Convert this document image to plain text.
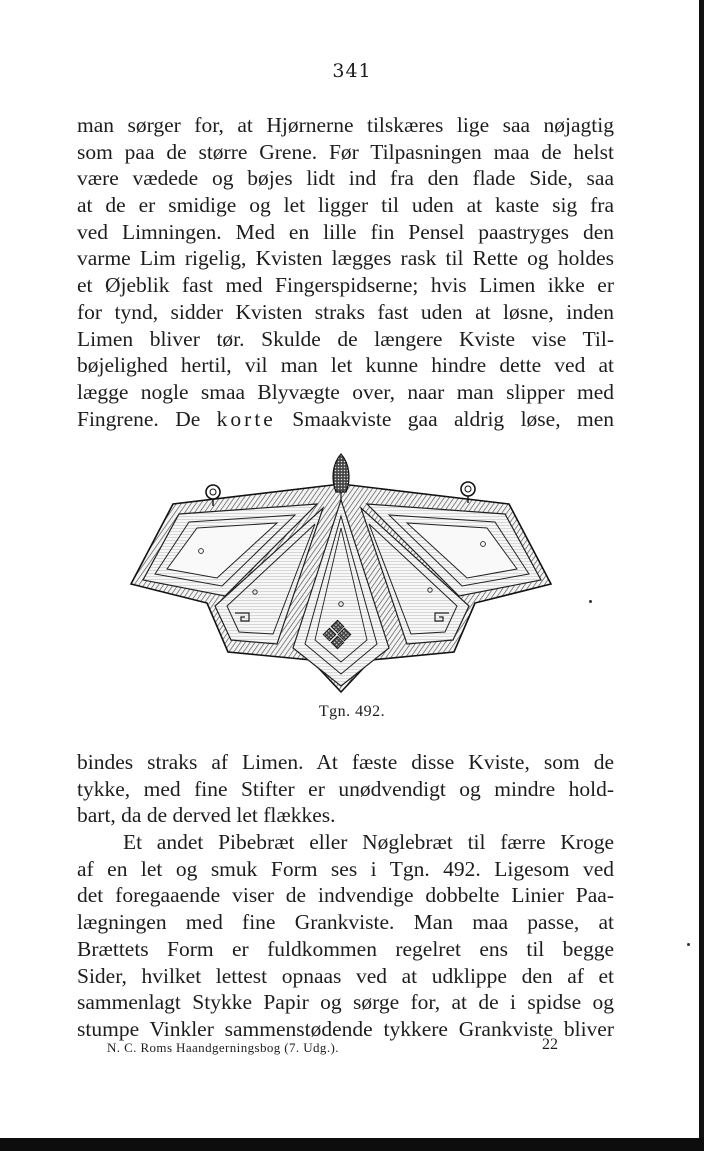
341
man sørger for, at Hjørnerne tilskæres lige saa nøjagtig
som paa de større Grene. Før Tilpasningen maa de helst
være vædede og bøjes lidt ind fra den flade Side, saa
at de er smidige og let ligger til uden at kaste sig fra
ved Limningen. Med en lille fin Pensel paastryges den
varme Lim rigelig, Kvisten lægges rask til Rette og holdes
et Øjeblik fast med Fingerspidserne; hvis Limen ikke er
for tynd, sidder Kvisten straks fast uden at løsne, inden
Limen bliver tør. Skulde de længere Kviste vise Til-
bøjelighed hertil, vil man let kunne hindre dette ved at
lægge nogle smaa Blyvægte over, naar man slipper med
Fingrene. De korte Smaakviste gaa aldrig løse, men
Tgn. 492.
bindes straks af Limen. At fæste disse Kviste, som de
tykke, med fine Stifter er unødvendigt og mindre hold-
bart, da de derved let flækkes.
Et andet Pibebræt eller Nøglebræt til færre Kroge
af en let og smuk Form ses i Tgn. 492. Ligesom ved
det foregaaende viser de indvendige dobbelte Linier Paa-
lægningen med fine Grankviste. Man maa passe, at
Brættets Form er fuldkommen regelret ens til begge
Sider, hvilket lettest opnaas ved at udklippe den af et
sammenlagt Stykke Papir og sørge for, at de i spidse og
stumpe Vinkler sammenstødende tykkere Grankviste bliver
N. C. Roms Haandgerningsbog (7. Udg.).	22
